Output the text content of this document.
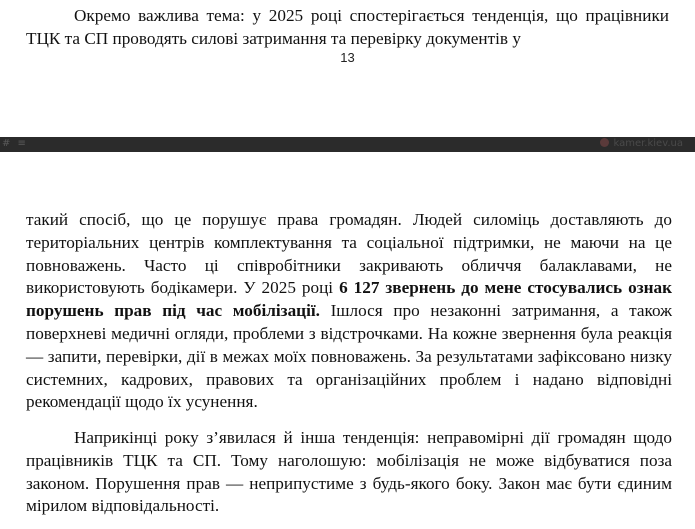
Окремо важлива тема: у 2025 році спостерігається тенденція, що працівники ТЦК та СП проводять силові затримання та перевірку документів у

13
# ≡	kamer.kiev.ua

такий спосіб, що це порушує права громадян. Людей силоміць доставляють до територіальних центрів комплектування та соціальної підтримки, не маючи на це повноважень. Часто ці співробітники закривають обличчя балаклавами, не використовують бодікамери. У 2025 році 6 127 звернень до мене стосувались ознак порушень прав під час мобілізації. Ішлося про незаконні затримання, а також поверхневі медичні огляди, проблеми з відстрочками. На кожне звернення була реакція — запити, перевірки, дії в межах моїх повноважень. За результатами зафіксовано низку системних, кадрових, правових та організаційних проблем і надано відповідні рекомендації щодо їх усунення.

Наприкінці року з’явилася й інша тенденція: неправомірні дії громадян щодо працівників ТЦК та СП. Тому наголошую: мобілізація не може відбуватися поза законом. Порушення прав — неприпустиме з будь-якого боку. Закон має бути єдиним мірилом відповідальності.
